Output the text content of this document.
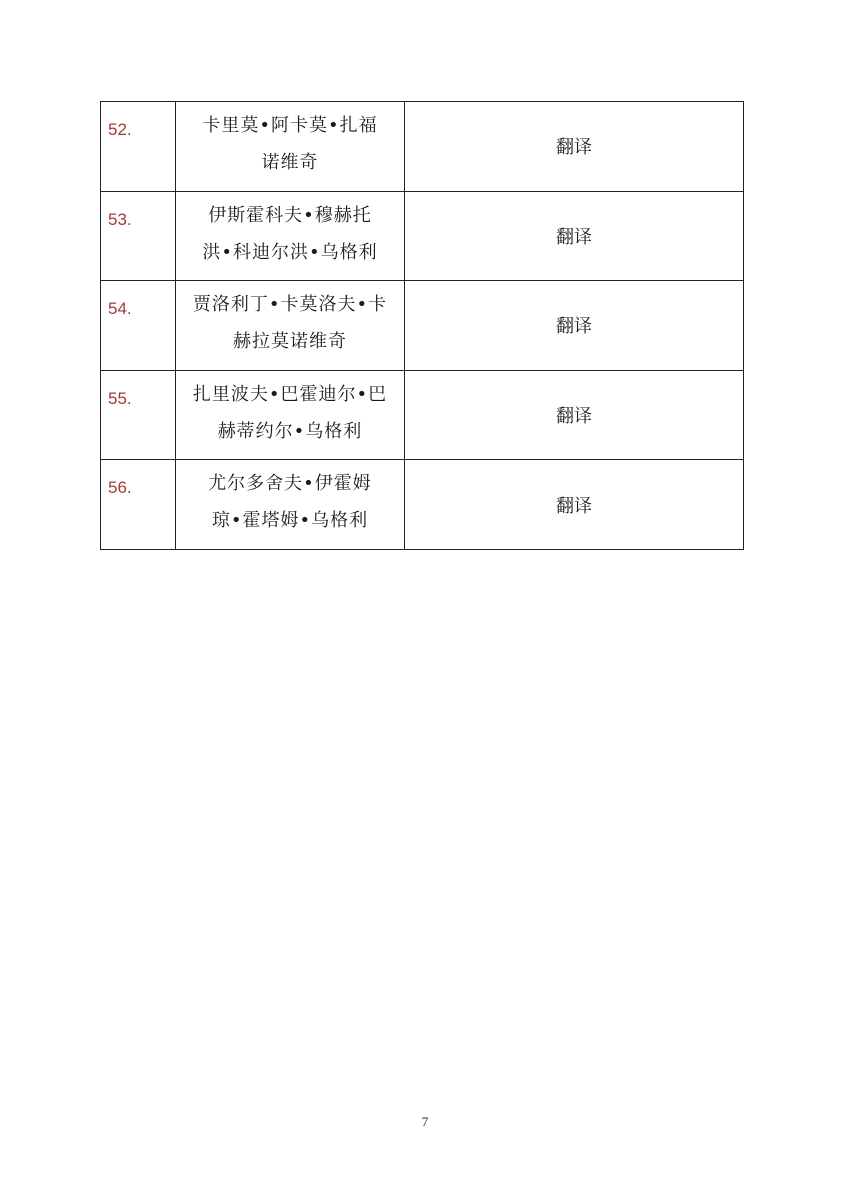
52.	卡里莫•阿卡莫•扎福
诺维奇	翻译
53.	伊斯霍科夫•穆赫托
洪•科迪尔洪•乌格利	翻译
54.	贾洛利丁•卡莫洛夫•卡
赫拉莫诺维奇	翻译
55.	扎里波夫•巴霍迪尔•巴
赫蒂约尔•乌格利	翻译
56.	尤尔多舍夫•伊霍姆
琼•霍塔姆•乌格利	翻译
7
